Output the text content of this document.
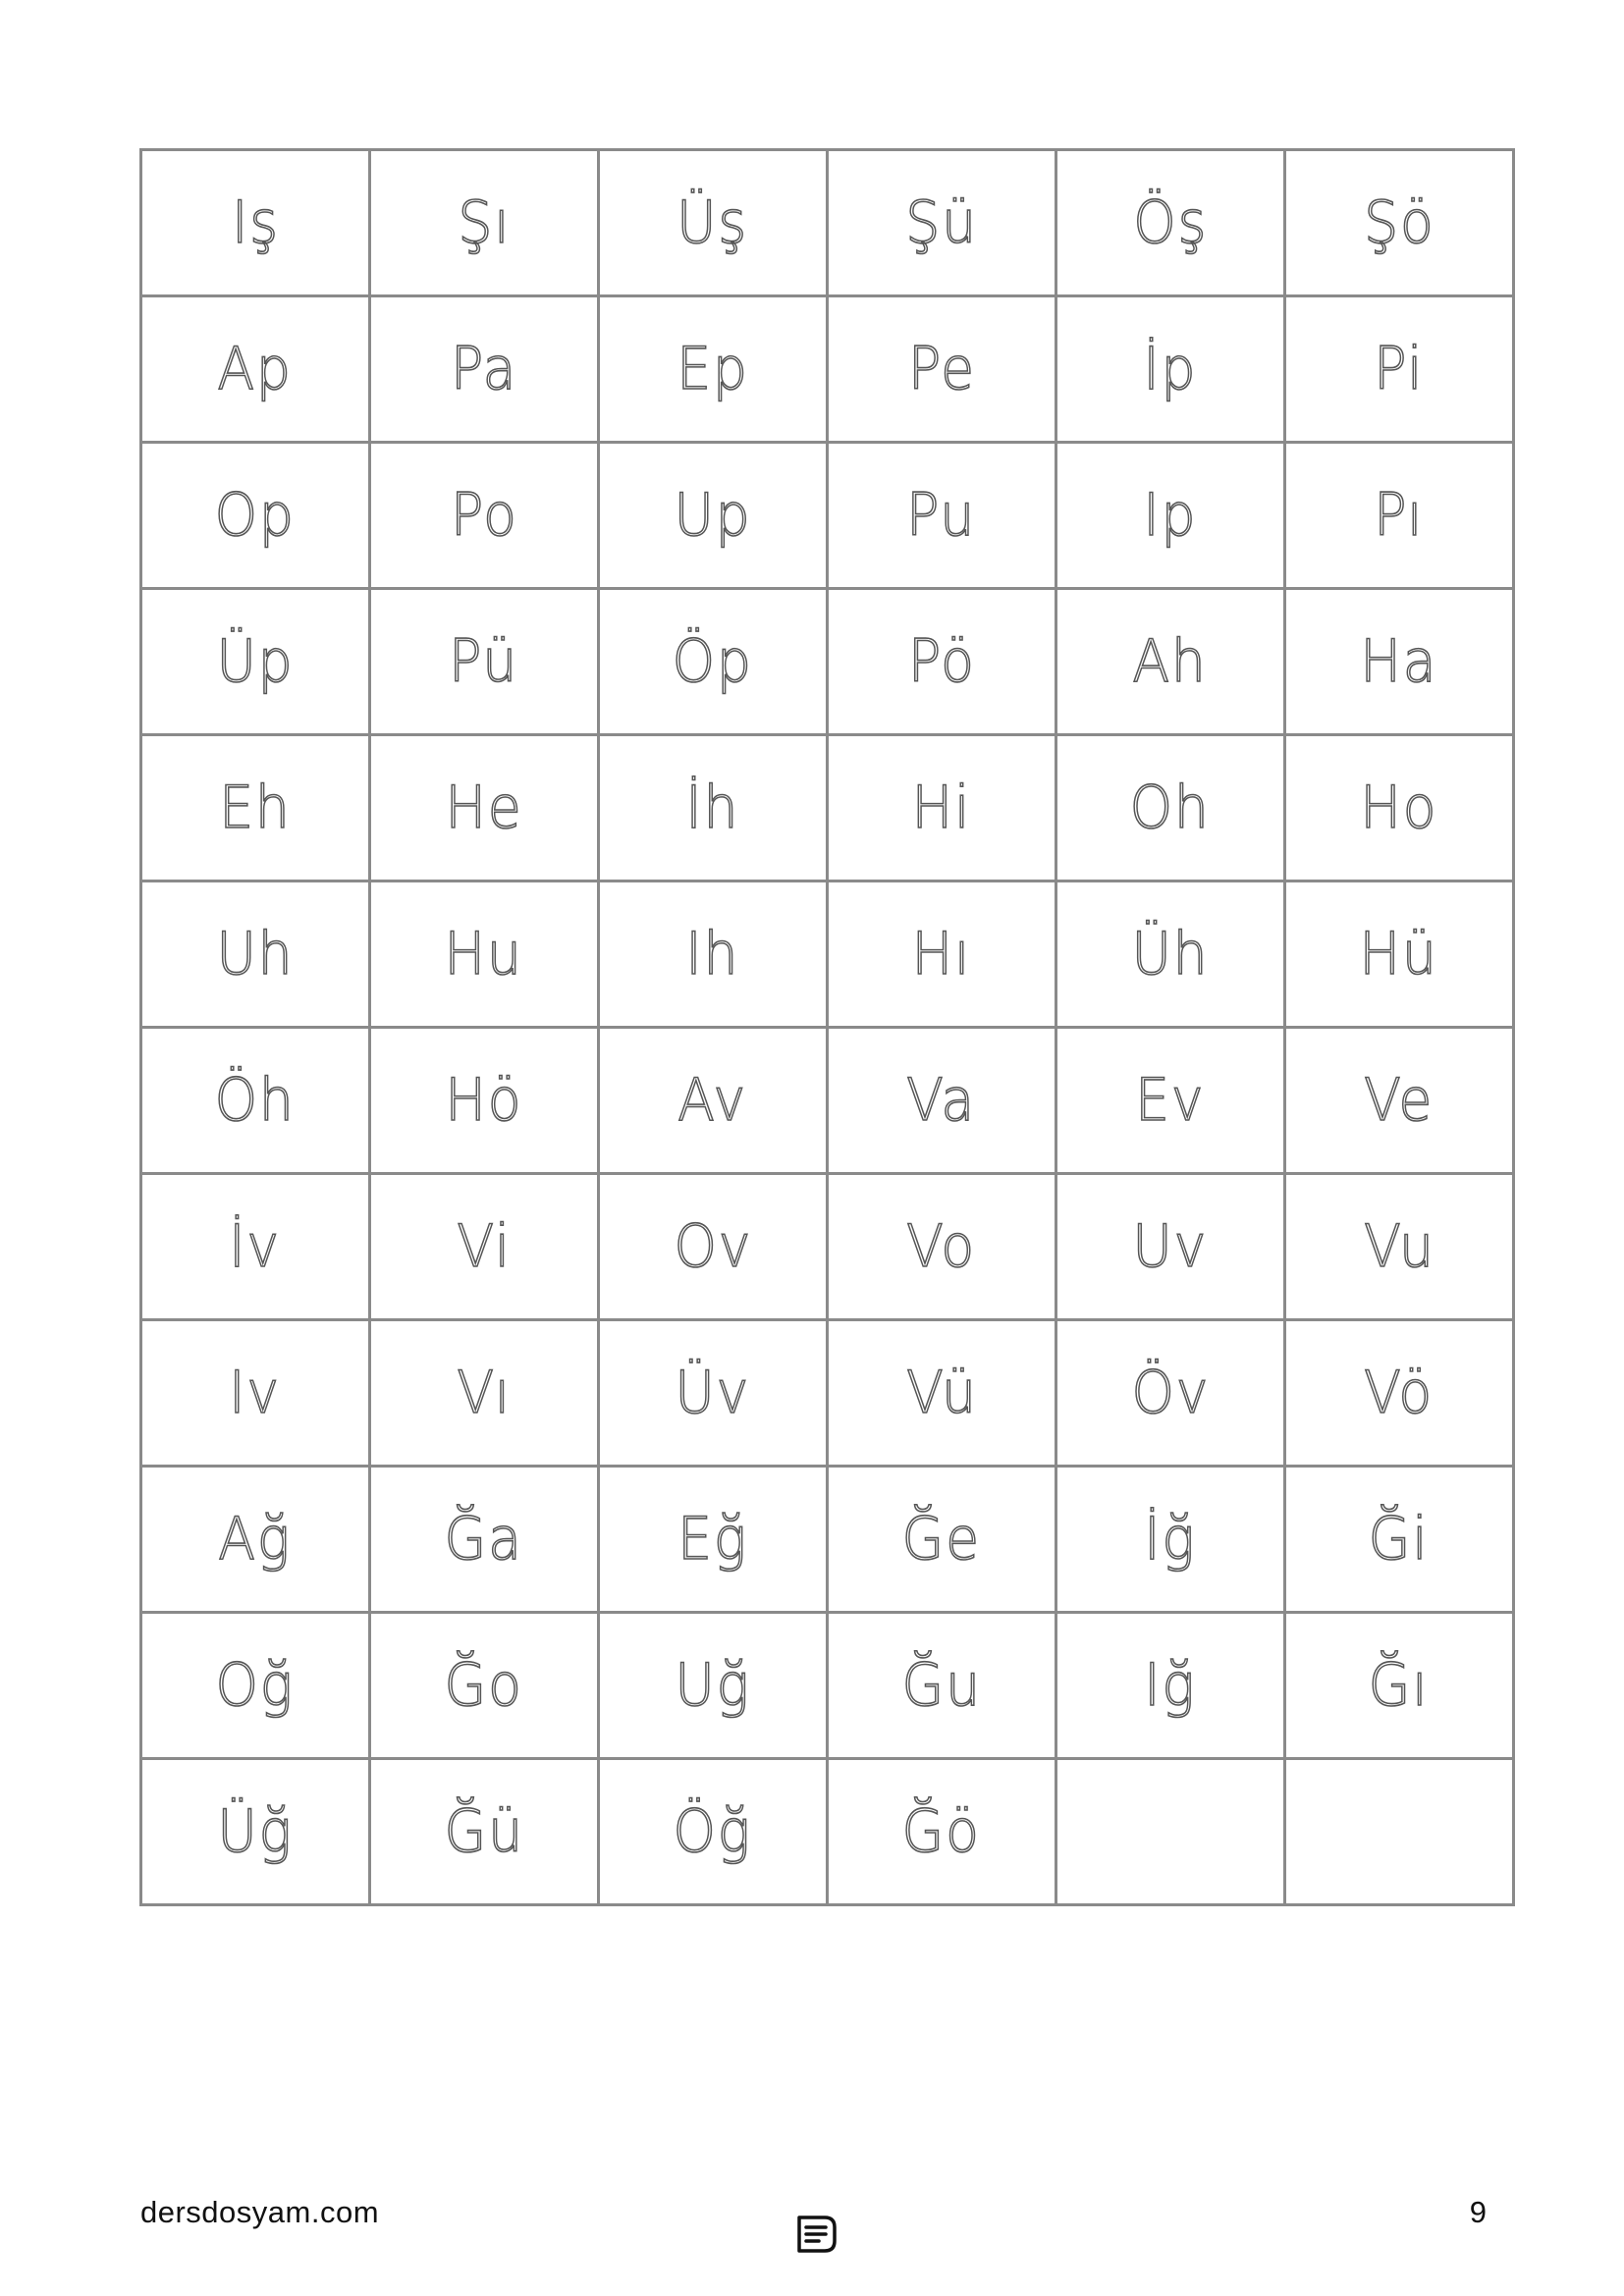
Iş	Şı	Üş	Şü	Öş	Şö
Ap	Pa	Ep	Pe	İp	Pi
Op	Po	Up	Pu	Ip	Pı
Üp	Pü	Öp	Pö	Ah	Ha
Eh	He	İh	Hi	Oh	Ho
Uh	Hu	Ih	Hı	Üh	Hü
Öh	Hö	Av	Va	Ev	Ve
İv	Vi	Ov	Vo	Uv	Vu
Iv	Vı	Üv	Vü	Öv	Vö
Ağ	Ğa	Eğ	Ğe	İğ	Ği
Oğ	Ğo	Uğ	Ğu	Iğ	Ğı
Üğ	Ğü	Öğ	Ğö		
dersdosyam.com	9
